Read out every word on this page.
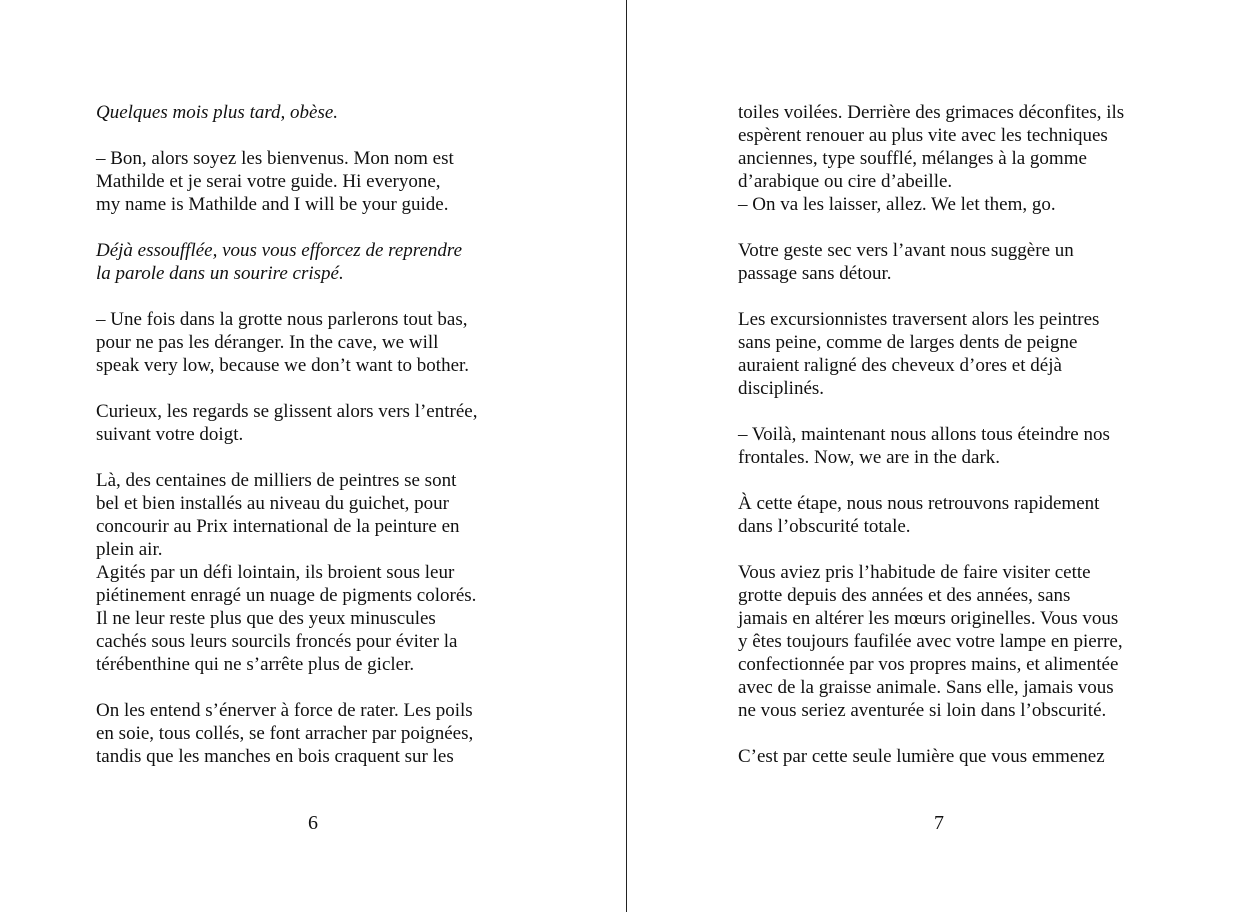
Quelques mois plus tard, obèse.
– Bon, alors soyez les bienvenus. Mon nom est
Mathilde et je serai votre guide. Hi everyone,
my name is Mathilde and I will be your guide.
Déjà essoufflée, vous vous efforcez de reprendre
la parole dans un sourire crispé.
– Une fois dans la grotte nous parlerons tout bas,
pour ne pas les déranger. In the cave, we will
speak very low, because we don’t want to bother.
Curieux, les regards se glissent alors vers l’entrée,
suivant votre doigt.
Là, des centaines de milliers de peintres se sont
bel et bien installés au niveau du guichet, pour
concourir au Prix international de la peinture en
plein air.
Agités par un défi lointain, ils broient sous leur
piétinement enragé un nuage de pigments colorés.
Il ne leur reste plus que des yeux minuscules
cachés sous leurs sourcils froncés pour éviter la
térébenthine qui ne s’arrête plus de gicler.
On les entend s’énerver à force de rater. Les poils
en soie, tous collés, se font arracher par poignées,
tandis que les manches en bois craquent sur les
6
toiles voilées. Derrière des grimaces déconfites, ils
espèrent renouer au plus vite avec les techniques
anciennes, type soufflé, mélanges à la gomme
d’arabique ou cire d’abeille.
– On va les laisser, allez. We let them, go.
Votre geste sec vers l’avant nous suggère un
passage sans détour.
Les excursionnistes traversent alors les peintres
sans peine, comme de larges dents de peigne
auraient raligné des cheveux d’ores et déjà
disciplinés.
– Voilà, maintenant nous allons tous éteindre nos
frontales. Now, we are in the dark.
À cette étape, nous nous retrouvons rapidement
dans l’obscurité totale.
Vous aviez pris l’habitude de faire visiter cette
grotte depuis des années et des années, sans
jamais en altérer les mœurs originelles. Vous vous
y êtes toujours faufilée avec votre lampe en pierre,
confectionnée par vos propres mains, et alimentée
avec de la graisse animale. Sans elle, jamais vous
ne vous seriez aventurée si loin dans l’obscurité.
C’est par cette seule lumière que vous emmenez
7
